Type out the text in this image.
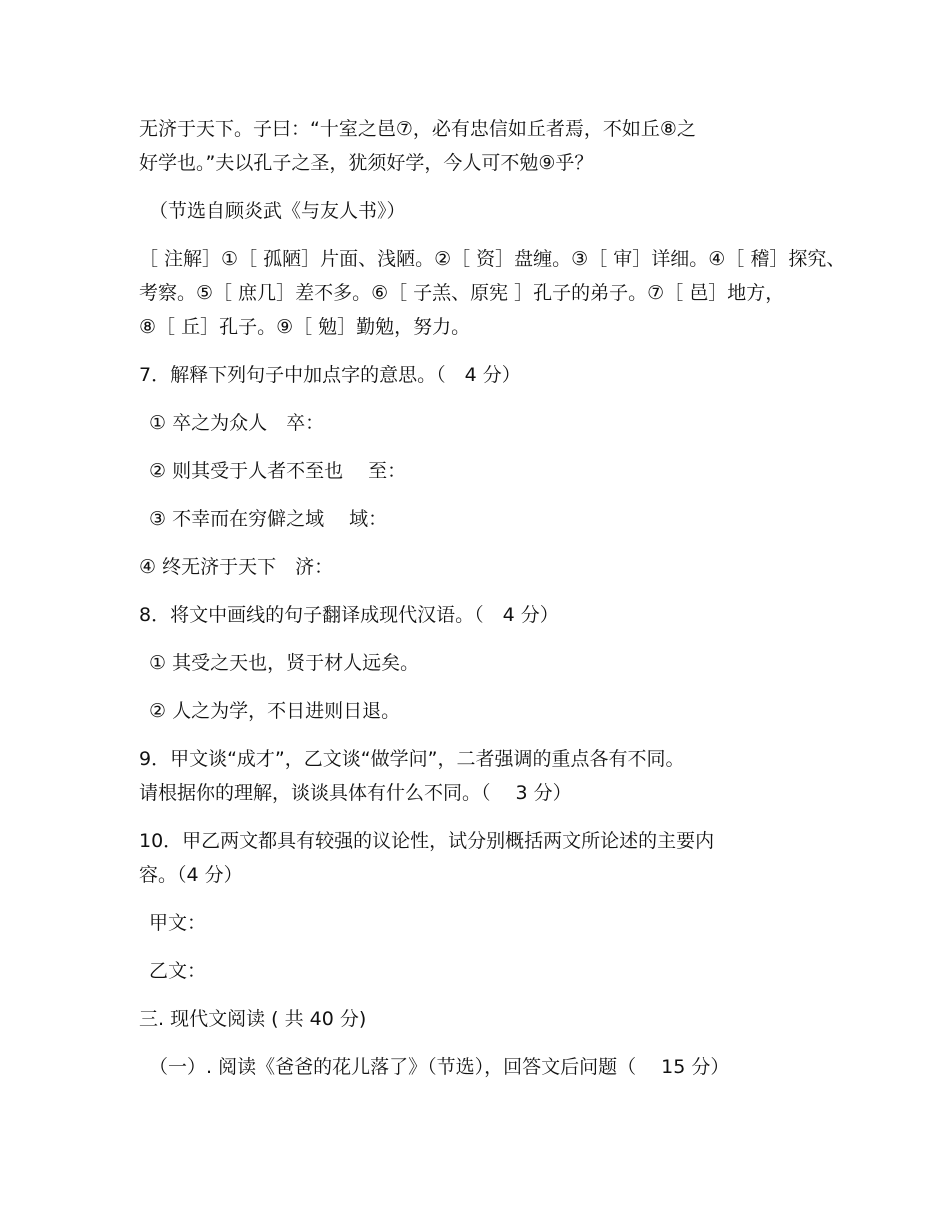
无济于天下。子曰：“十室之邑⑦，必有忠信如丘者焉，不如丘⑧之
好学也。”夫以孔子之圣，犹须好学，今人可不勉⑨乎？
（节选自顾炎武《与友人书》）
［ 注解］①［ 孤陋］片面、浅陋。②［ 资］盘缠。③［ 审］详细。④［ 稽］探究、
考察。⑤［ 庶几］差不多。⑥［ 子羔、原宪 ］孔子的弟子。⑦［ 邑］地方，
⑧［ 丘］孔子。⑨［ 勉］勤勉，努力。
7．解释下列句子中加点字的意思。（　4 分）
① 卒之为众人　卒：
② 则其受于人者不至也　 至：
③ 不幸而在穷僻之域　 域：
④ 终无济于天下　济：
8．将文中画线的句子翻译成现代汉语。（　4 分）
① 其受之天也，贤于材人远矣。
② 人之为学，不日进则日退。
9．甲文谈“成才”，乙文谈“做学问”，二者强调的重点各有不同。
请根据你的理解，谈谈具体有什么不同。（　 3 分）
10．甲乙两文都具有较强的议论性，试分别概括两文所论述的主要内
容。（4 分）
甲文：
乙文：
三. 现代文阅读 ( 共 40 分)
（一）. 阅读《爸爸的花儿落了》（节选），回答文后问题（　 15 分）
